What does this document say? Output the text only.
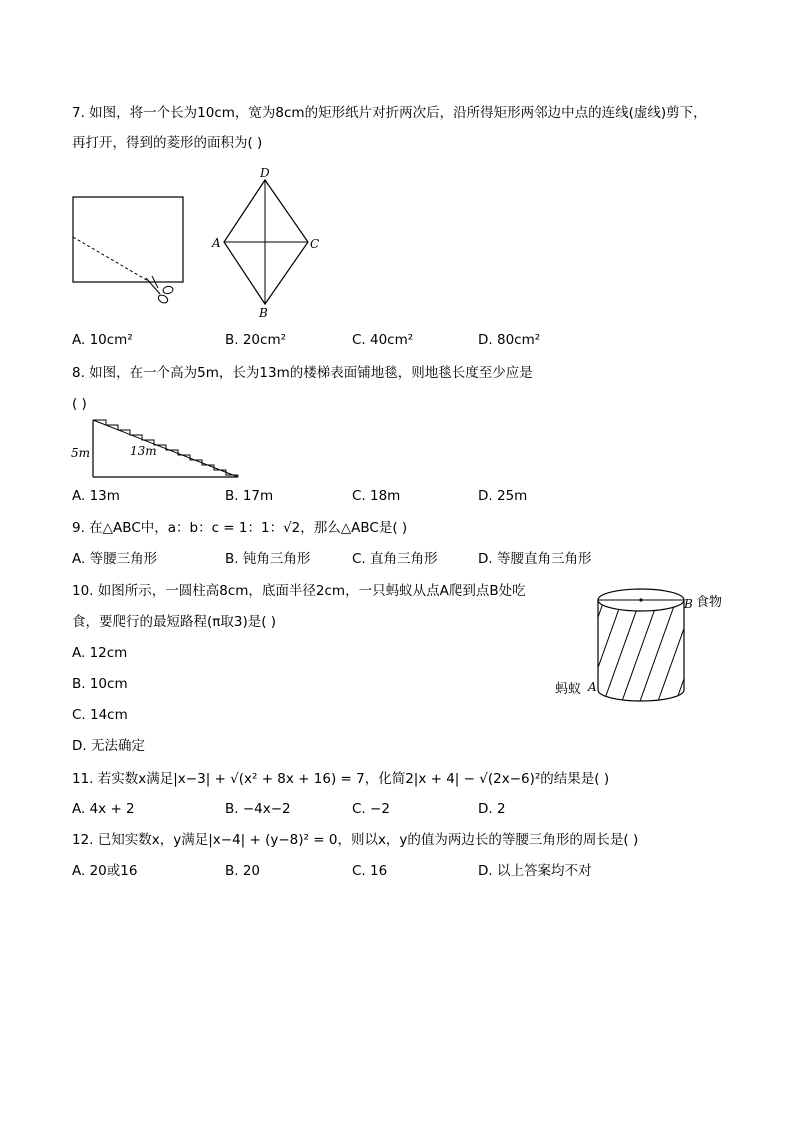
7. 如图，将一个长为10cm，宽为8cm的矩形纸片对折两次后，沿所得矩形两邻边中点的连线(虚线)剪下，
再打开，得到的菱形的面积为( )
D
A	C
B
A. 10cm²	B. 20cm²	C. 40cm²	D. 80cm²
8. 如图，在一个高为5m，长为13m的楼梯表面铺地毯，则地毯长度至少应是
( )
5m	13m
A. 13m	B. 17m	C. 18m	D. 25m
9. 在△ABC中，a：b：c = 1：1：√2，那么△ABC是( )
A. 等腰三角形	B. 钝角三角形	C. 直角三角形	D. 等腰直角三角形
10. 如图所示，一圆柱高8cm，底面半径2cm，一只蚂蚁从点A爬到点B处吃
食，要爬行的最短路程(π取3)是( )
A. 12cm
B. 10cm
C. 14cm
D. 无法确定
B 食物
蚂蚁 A
11. 若实数x满足|x−3| + √(x² + 8x + 16) = 7，化简2|x + 4| − √(2x−6)²的结果是( )
A. 4x + 2	B. −4x−2	C. −2	D. 2
12. 已知实数x，y满足|x−4| + (y−8)² = 0，则以x，y的值为两边长的等腰三角形的周长是( )
A. 20或16	B. 20	C. 16	D. 以上答案均不对
